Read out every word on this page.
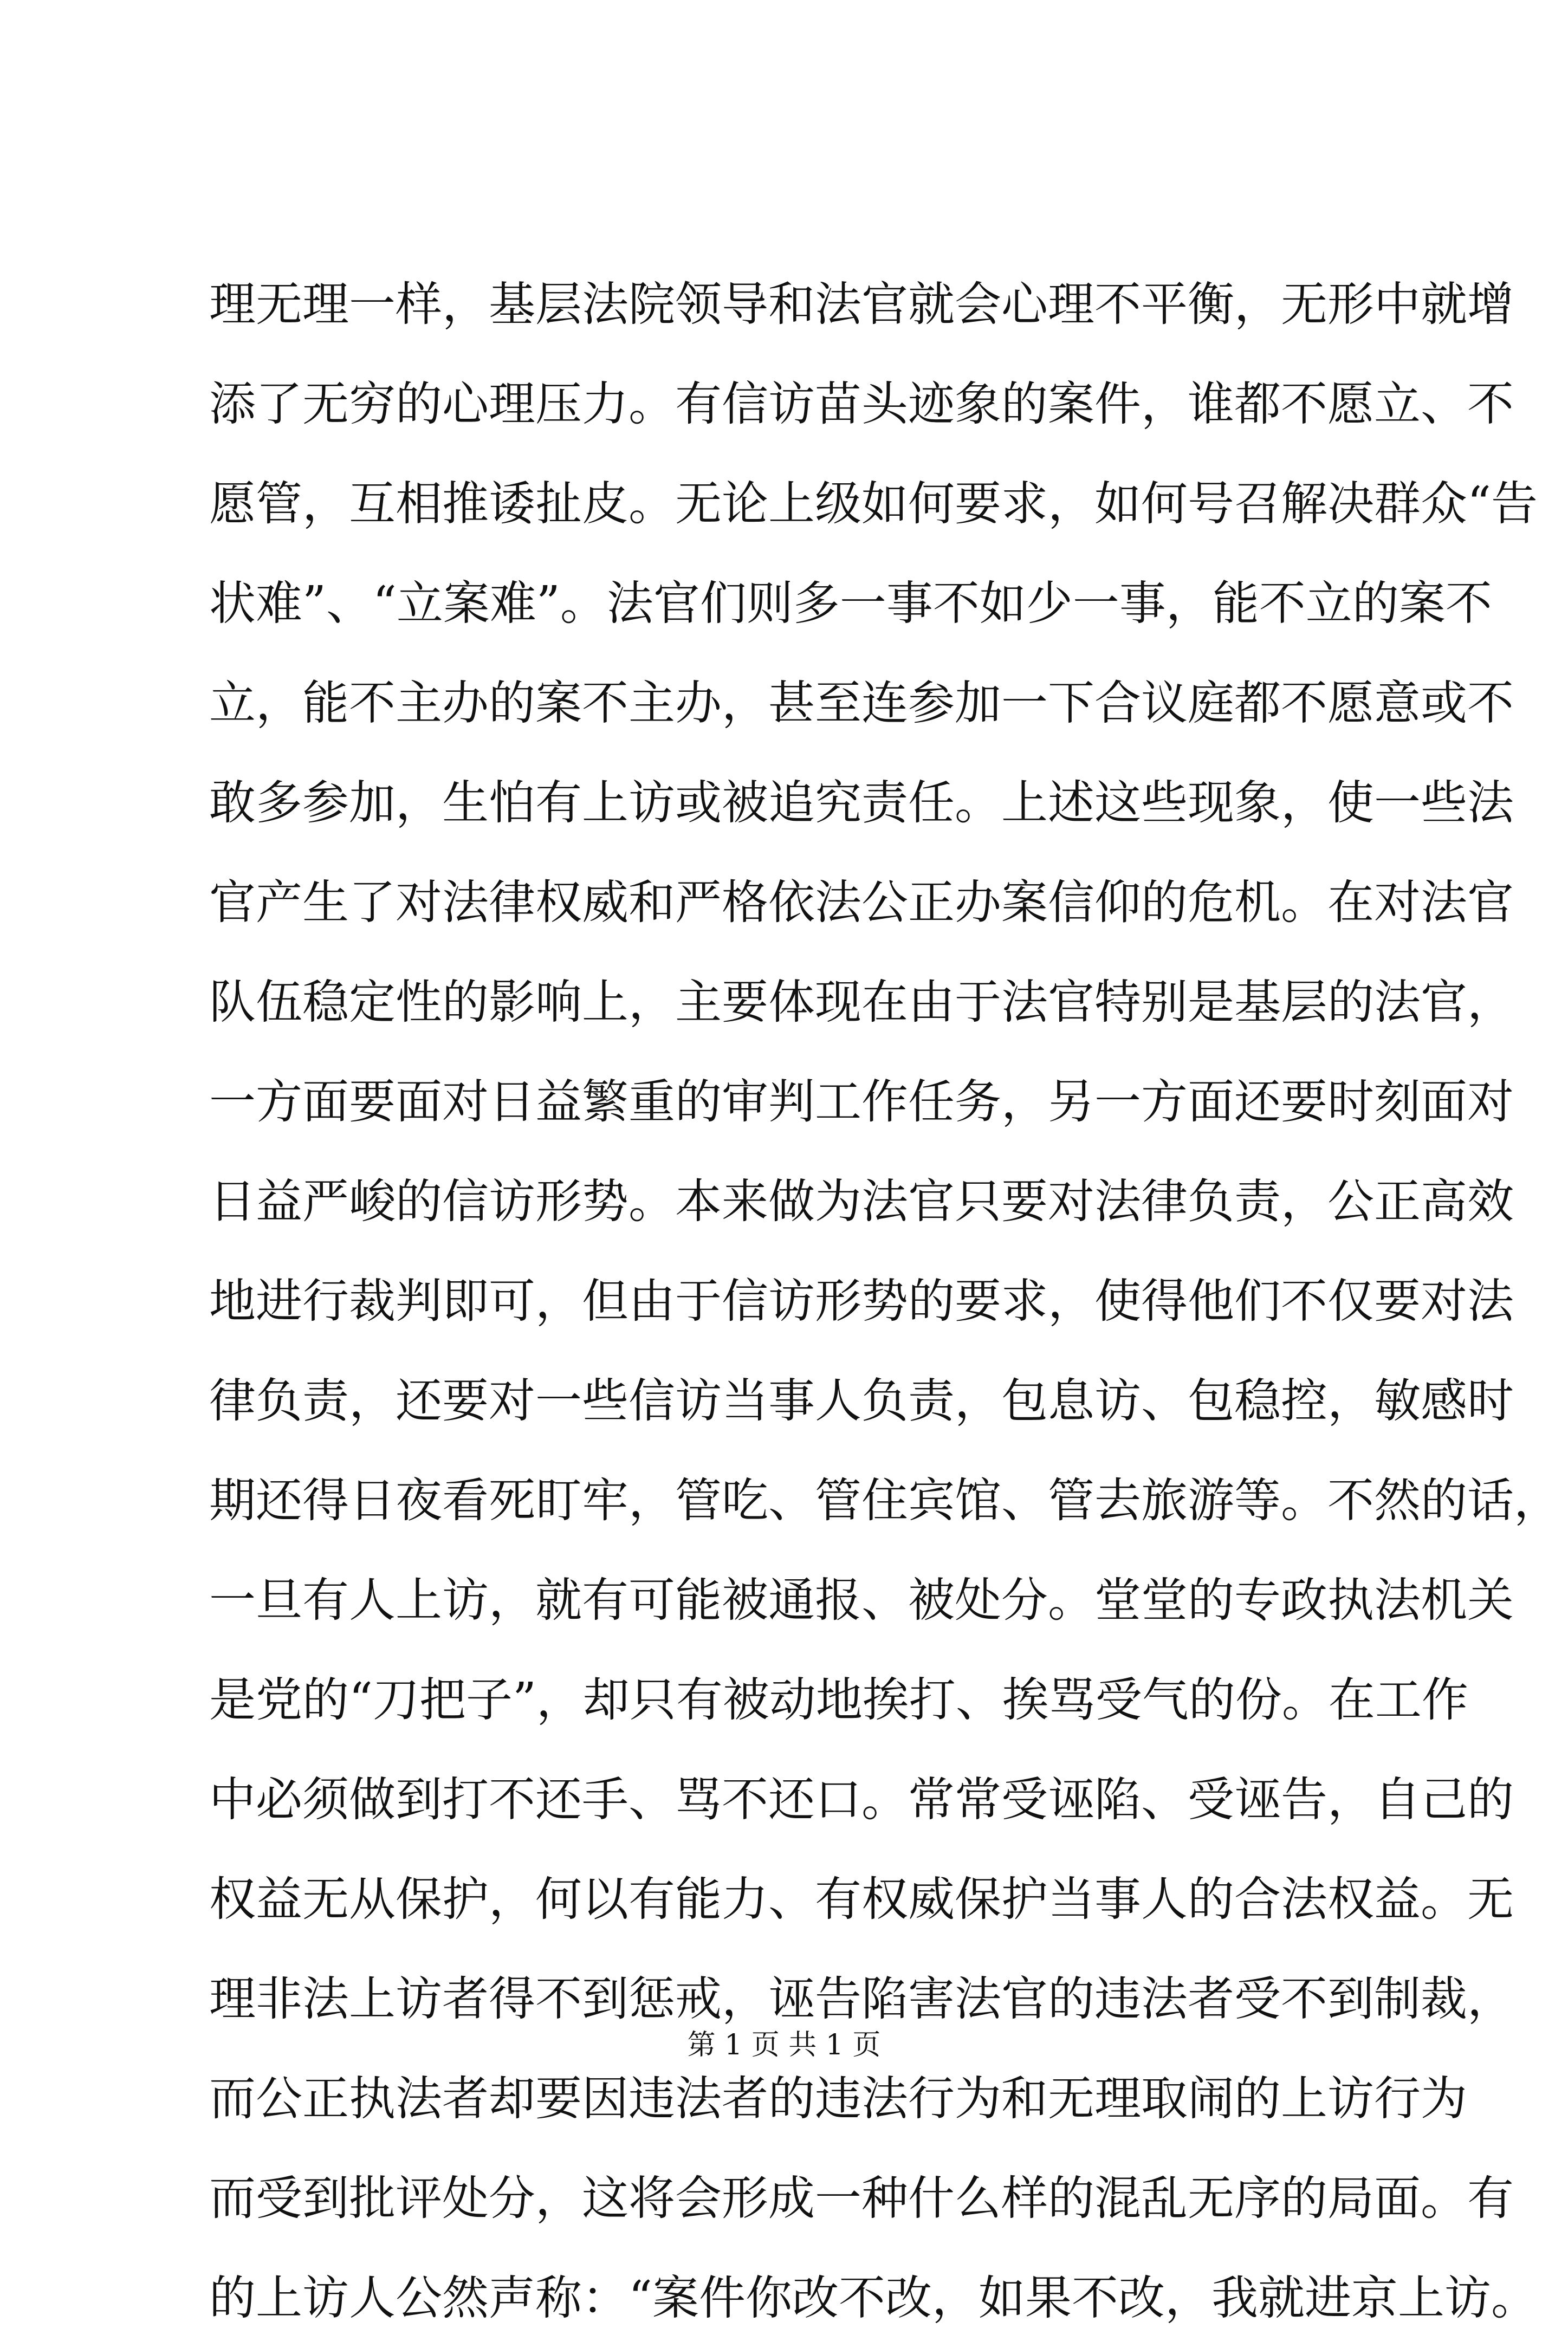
理无理一样，基层法院领导和法官就会心理不平衡，无形中就增
添了无穷的心理压力。有信访苗头迹象的案件，谁都不愿立、不
愿管，互相推诿扯皮。无论上级如何要求，如何号召解决群众“告
状难”、“立案难”。法官们则多一事不如少一事，能不立的案不
立，能不主办的案不主办，甚至连参加一下合议庭都不愿意或不
敢多参加，生怕有上访或被追究责任。上述这些现象，使一些法
官产生了对法律权威和严格依法公正办案信仰的危机。在对法官
队伍稳定性的影响上，主要体现在由于法官特别是基层的法官，
一方面要面对日益繁重的审判工作任务，另一方面还要时刻面对
日益严峻的信访形势。本来做为法官只要对法律负责，公正高效
地进行裁判即可，但由于信访形势的要求，使得他们不仅要对法
律负责，还要对一些信访当事人负责，包息访、包稳控，敏感时
期还得日夜看死盯牢，管吃、管住宾馆、管去旅游等。不然的话，
一旦有人上访，就有可能被通报、被处分。堂堂的专政执法机关
是党的“刀把子”，却只有被动地挨打、挨骂受气的份。在工作
中必须做到打不还手、骂不还口。常常受诬陷、受诬告，自己的
权益无从保护，何以有能力、有权威保护当事人的合法权益。无
理非法上访者得不到惩戒，诬告陷害法官的违法者受不到制裁，
而公正执法者却要因违法者的违法行为和无理取闹的上访行为
而受到批评处分，这将会形成一种什么样的混乱无序的局面。有
的上访人公然声称：“案件你改不改，如果不改，我就进京上访。
第 1 页 共 1 页
